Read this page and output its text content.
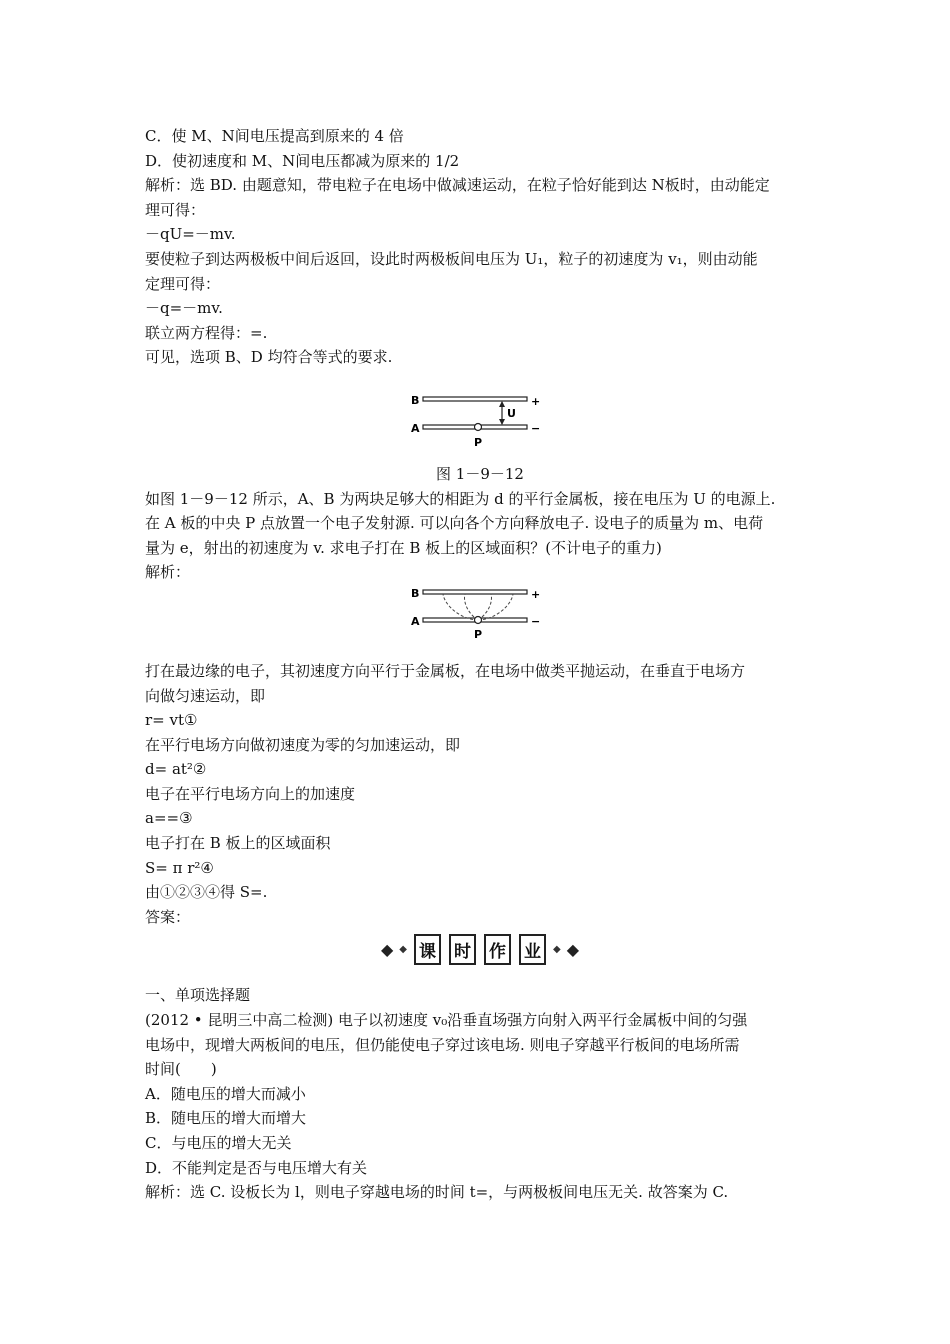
C．使 M、N间电压提高到原来的 4 倍
D．使初速度和 M、N间电压都减为原来的 1/2
解析：选 BD. 由题意知，带电粒子在电场中做减速运动，在粒子恰好能到达 N板时，由动能定
理可得：
－qU=－mv.
要使粒子到达两极板中间后返回，设此时两极板间电压为 U₁，粒子的初速度为 v₁，则由动能
定理可得：
－q=－mv.
联立两方程得：=.
可见，选项 B、D 均符合等式的要求.
B	+
A	−
P
U
图 1－9－12
如图 1－9－12 所示，A、B 为两块足够大的相距为 d 的平行金属板，接在电压为 U 的电源上.
在 A 板的中央 P 点放置一个电子发射源. 可以向各个方向释放电子. 设电子的质量为 m、电荷
量为 e，射出的初速度为 v. 求电子打在 B 板上的区域面积？(不计电子的重力)
解析：
B	+
A	−
P
打在最边缘的电子，其初速度方向平行于金属板，在电场中做类平抛运动，在垂直于电场方
向做匀速运动，即
r= vt①
在平行电场方向做初速度为零的匀加速运动，即
d= at²②
电子在平行电场方向上的加速度
a==③
电子打在 B 板上的区域面积
S= π r²④
由①②③④得 S=.
答案：
◆ ◆ 课 时 作 业	◆ ◆
一、单项选择题
(2012 • 昆明三中高二检测) 电子以初速度 v₀沿垂直场强方向射入两平行金属板中间的匀强
电场中，现增大两板间的电压，但仍能使电子穿过该电场. 则电子穿越平行板间的电场所需
时间(　　)
A．随电压的增大而减小
B．随电压的增大而增大
C．与电压的增大无关
D．不能判定是否与电压增大有关
解析：选 C. 设板长为 l，则电子穿越电场的时间 t=，与两极板间电压无关. 故答案为 C.
